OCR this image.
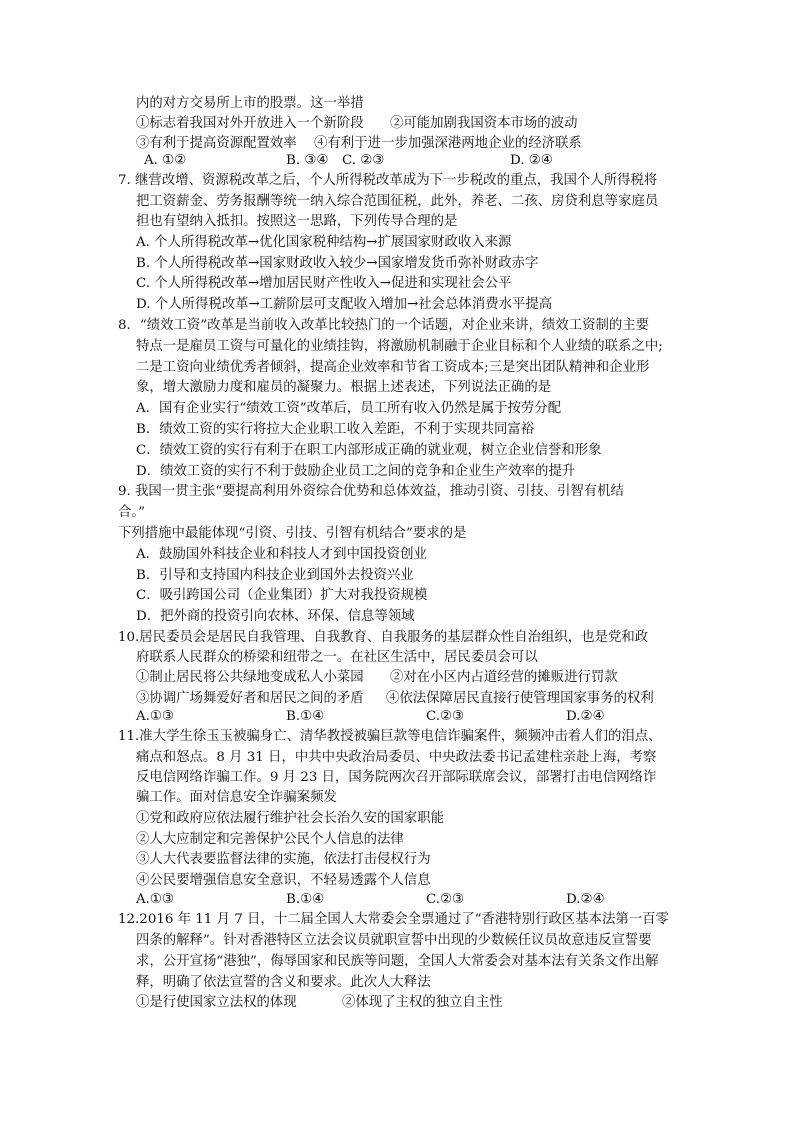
内的对方交易所上市的股票。这一举措
①标志着我国对外开放进入一个新阶段 ②可能加剧我国资本市场的波动
③有利于提高资源配置效率 ④有利于进一步加强深港两地企业的经济联系
A. ①②	B. ③④ C. ②③	D. ②④
7. 继营改增、资源税改革之后，个人所得税改革成为下一步税改的重点，我国个人所得税将
把工资薪金、劳务报酬等统一纳入综合范围征税，此外，养老、二孩、房贷利息等家庭员
担也有望纳入抵扣。按照这一思路，下列传导合理的是
A. 个人所得税改革→优化国家税种结构→扩展国家财政收入来源
B. 个人所得税改革→国家财政收入较少→国家增发货币弥补财政赤字
C. 个人所得税改革→增加居民财产性收入→促进和实现社会公平
D. 个人所得税改革→工薪阶层可支配收入增加→社会总体消费水平提高
8．“绩效工资”改革是当前收入改革比较热门的一个话题，对企业来讲，绩效工资制的主要
特点一是雇员工资与可量化的业绩挂钩，将激励机制融于企业目标和个人业绩的联系之中;
二是工资向业绩优秀者倾斜，提高企业效率和节省工资成本;三是突出团队精神和企业形
象，增大激励力度和雇员的凝聚力。根据上述表述，下列说法正确的是
A．国有企业实行“绩效工资”改革后，员工所有收入仍然是属于按劳分配
B．绩效工资的实行将拉大企业职工收入差距，不利于实现共同富裕
C．绩效工资的实行有利于在职工内部形成正确的就业观，树立企业信誉和形象
D．绩效工资的实行不利于鼓励企业员工之间的竞争和企业生产效率的提升
9. 我国一贯主张“要提高利用外资综合优势和总体效益，推动引资、引技、引智有机结
合。”
下列措施中最能体现“引资、引技、引智有机结合”要求的是
A．鼓励国外科技企业和科技人才到中国投资创业
B．引导和支持国内科技企业到国外去投资兴业
C．吸引跨国公司（企业集团）扩大对我投资规模
D．把外商的投资引向农林、环保、信息等领域
10.居民委员会是居民自我管理、自我教育、自我服务的基层群众性自治组织，也是党和政
府联系人民群众的桥梁和纽带之一。在社区生活中，居民委员会可以
①制止居民将公共绿地变成私人小菜园 ②对在小区内占道经营的摊贩进行罚款
③协调广场舞爱好者和居民之间的矛盾 ④依法保障居民直接行使管理国家事务的权利
A.①③	B.①④	C.②③	D.②④
11.准大学生徐玉玉被骗身亡、清华教授被骗巨款等电信诈骗案件，频频冲击着人们的泪点、
痛点和怒点。8 月 31 日，中共中央政治局委员、中央政法委书记孟建柱亲赴上海，考察
反电信网络诈骗工作。9 月 23 日，国务院两次召开部际联席会议，部署打击电信网络诈
骗工作。面对信息安全诈骗案频发
①党和政府应依法履行维护社会长治久安的国家职能
②人大应制定和完善保护公民个人信息的法律
③人大代表要监督法律的实施，依法打击侵权行为
④公民要增强信息安全意识，不轻易透露个人信息
A.①③	B.①④	C.②③	D.②④
12.2016 年 11 月 7 日，十二届全国人大常委会全票通过了“香港特别行政区基本法第一百零
四条的解释”。针对香港特区立法会议员就职宣誓中出现的少数候任议员故意违反宣誓要
求，公开宣扬“港独”，侮辱国家和民族等问题，全国人大常委会对基本法有关条文作出解
释，明确了依法宣誓的含义和要求。此次人大释法
①是行使国家立法权的体现	②体现了主权的独立自主性
